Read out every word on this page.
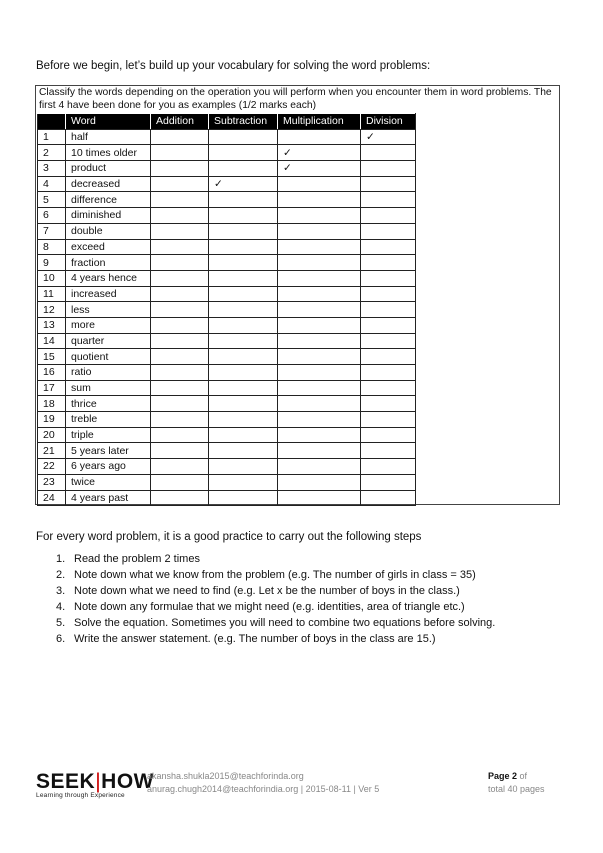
Before we begin, let’s build up your vocabulary for solving the word problems:
Classify the words depending on the operation you will perform when you encounter them in word problems. The first 4 have been done for you as examples (1/2 marks each)
	Word	Addition	Subtraction	Multiplication	Division
1	half				✓
2	10 times older			✓	
3	product			✓	
4	decreased		✓		
5	difference				
6	diminished				
7	double				
8	exceed				
9	fraction				
10	4 years hence				
11	increased				
12	less				
13	more				
14	quarter				
15	quotient				
16	ratio				
17	sum				
18	thrice				
19	treble				
20	triple				
21	5 years later				
22	6 years ago				
23	twice				
24	4 years past				
For every word problem, it is a good practice to carry out the following steps
1. Read the problem 2 times
2. Note down what we know from the problem (e.g. The number of girls in class = 35)
3. Note down what we need to find (e.g. Let x be the number of boys in the class.)
4. Note down any formulae that we might need (e.g. identities, area of triangle etc.)
5. Solve the equation. Sometimes you will need to combine two equations before solving.
6. Write the answer statement. (e.g. The number of boys in the class are 15.)
SEEK|HOW
Learning through Experience
akansha.shukla2015@teachforinda.org
anurag.chugh2014@teachforindia.org | 2015-08-11 | Ver 5
Page 2 of
total 40 pages
